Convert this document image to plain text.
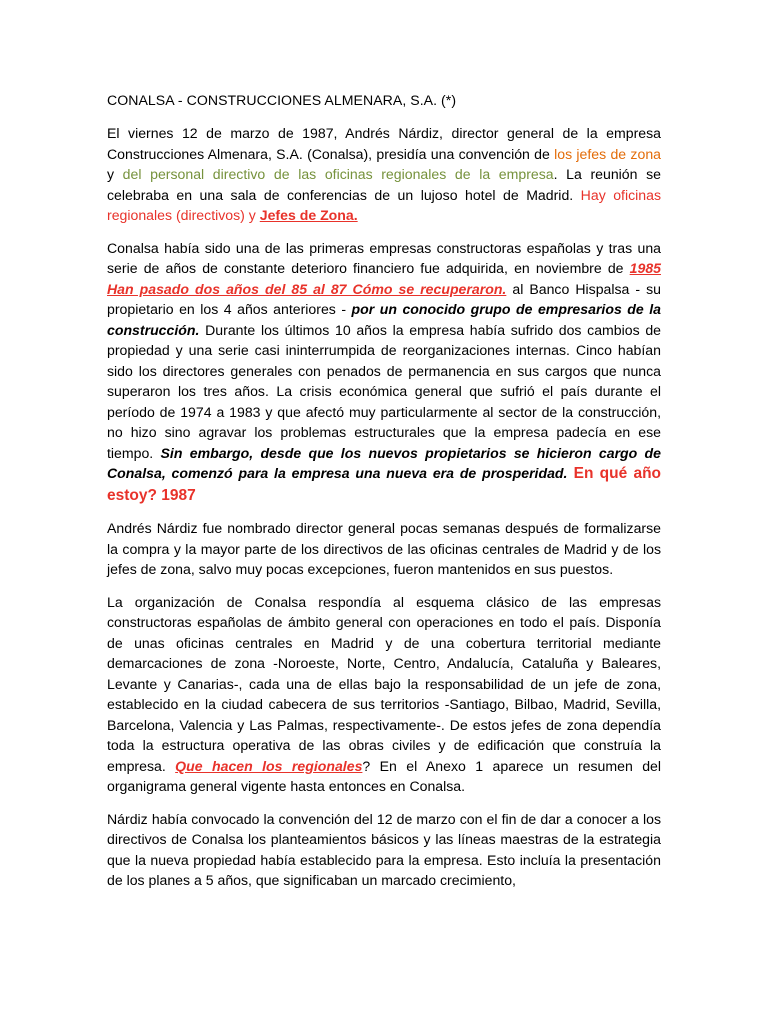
CONALSA - CONSTRUCCIONES ALMENARA, S.A. (*)

El viernes 12 de marzo de 1987, Andrés Nárdiz, director general de la empresa Construcciones Almenara, S.A. (Conalsa), presidía una convención de los jefes de zona y del personal directivo de las oficinas regionales de la empresa. La reunión se celebraba en una sala de conferencias de un lujoso hotel de Madrid. Hay oficinas regionales (directivos) y Jefes de Zona.

Conalsa había sido una de las primeras empresas constructoras españolas y tras una serie de años de constante deterioro financiero fue adquirida, en noviembre de 1985 Han pasado dos años del 85 al 87 Cómo se recuperaron. al Banco Hispalsa - su propietario en los 4 años anteriores - por un conocido grupo de empresarios de la construcción. Durante los últimos 10 años la empresa había sufrido dos cambios de propiedad y una serie casi ininterrumpida de reorganizaciones internas. Cinco habían sido los directores generales con penados de permanencia en sus cargos que nunca superaron los tres años. La crisis económica general que sufrió el país durante el período de 1974 a 1983 y que afectó muy particularmente al sector de la construcción, no hizo sino agravar los problemas estructurales que la empresa padecía en ese tiempo. Sin embargo, desde que los nuevos propietarios se hicieron cargo de Conalsa, comenzó para la empresa una nueva era de prosperidad. En qué año estoy? 1987

Andrés Nárdiz fue nombrado director general pocas semanas después de formalizarse la compra y la mayor parte de los directivos de las oficinas centrales de Madrid y de los jefes de zona, salvo muy pocas excepciones, fueron mantenidos en sus puestos.

La organización de Conalsa respondía al esquema clásico de las empresas constructoras españolas de ámbito general con operaciones en todo el país. Disponía de unas oficinas centrales en Madrid y de una cobertura territorial mediante demarcaciones de zona -Noroeste, Norte, Centro, Andalucía, Cataluña y Baleares, Levante y Canarias-, cada una de ellas bajo la responsabilidad de un jefe de zona, establecido en la ciudad cabecera de sus territorios -Santiago, Bilbao, Madrid, Sevilla, Barcelona, Valencia y Las Palmas, respectivamente-. De estos jefes de zona dependía toda la estructura operativa de las obras civiles y de edificación que construía la empresa. Que hacen los regionales? En el Anexo 1 aparece un resumen del organigrama general vigente hasta entonces en Conalsa.

Nárdiz había convocado la convención del 12 de marzo con el fin de dar a conocer a los directivos de Conalsa los planteamientos básicos y las líneas maestras de la estrategia que la nueva propiedad había establecido para la empresa. Esto incluía la presentación de los planes a 5 años, que significaban un marcado crecimiento,
